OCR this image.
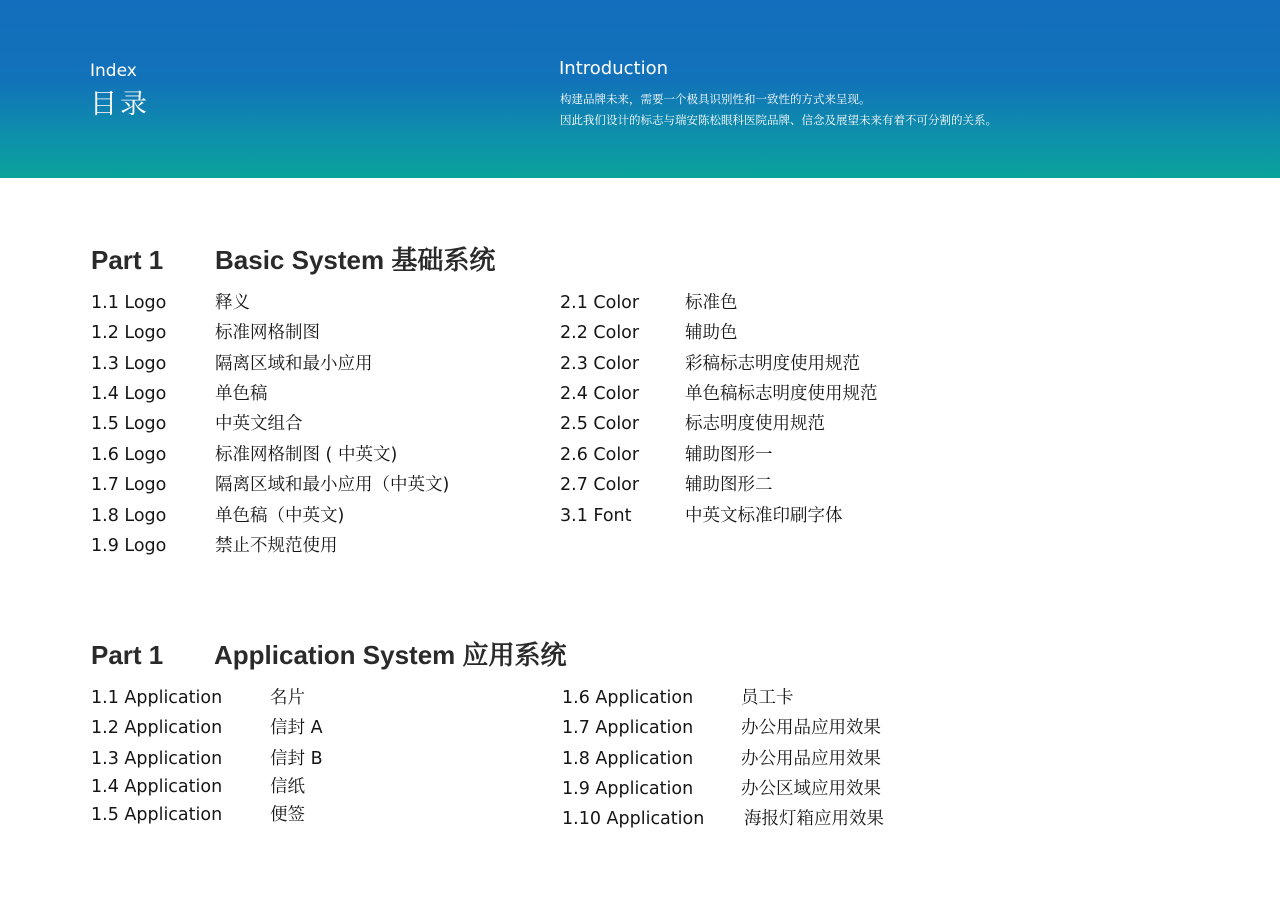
Index
目录
Introduction
构建品牌未来，需要一个极具识别性和一致性的方式来呈现。
因此我们设计的标志与瑞安陈松眼科医院品牌、信念及展望未来有着不可分割的关系。
Part 1 Basic System 基础系统
1.1 Logo	释义
1.2 Logo	标准网格制图
1.3 Logo	隔离区域和最小应用
1.4 Logo	单色稿
1.5 Logo	中英文组合
1.6 Logo	标准网格制图 ( 中英文)
1.7 Logo	隔离区域和最小应用（中英文)
1.8 Logo	单色稿（中英文)
1.9 Logo	禁止不规范使用
2.1 Color	标准色
2.2 Color	辅助色
2.3 Color	彩稿标志明度使用规范
2.4 Color	单色稿标志明度使用规范
2.5 Color	标志明度使用规范
2.6 Color	辅助图形一
2.7 Color	辅助图形二
3.1 Font	中英文标准印刷字体
Part 1 Application System 应用系统
1.1 Application	名片
1.2 Application	信封 A
1.3 Application	信封 B
1.4 Application	信纸
1.5 Application	便签
1.6 Application	员工卡
1.7 Application	办公用品应用效果
1.8 Application	办公用品应用效果
1.9 Application	办公区域应用效果
1.10 Application 海报灯箱应用效果
